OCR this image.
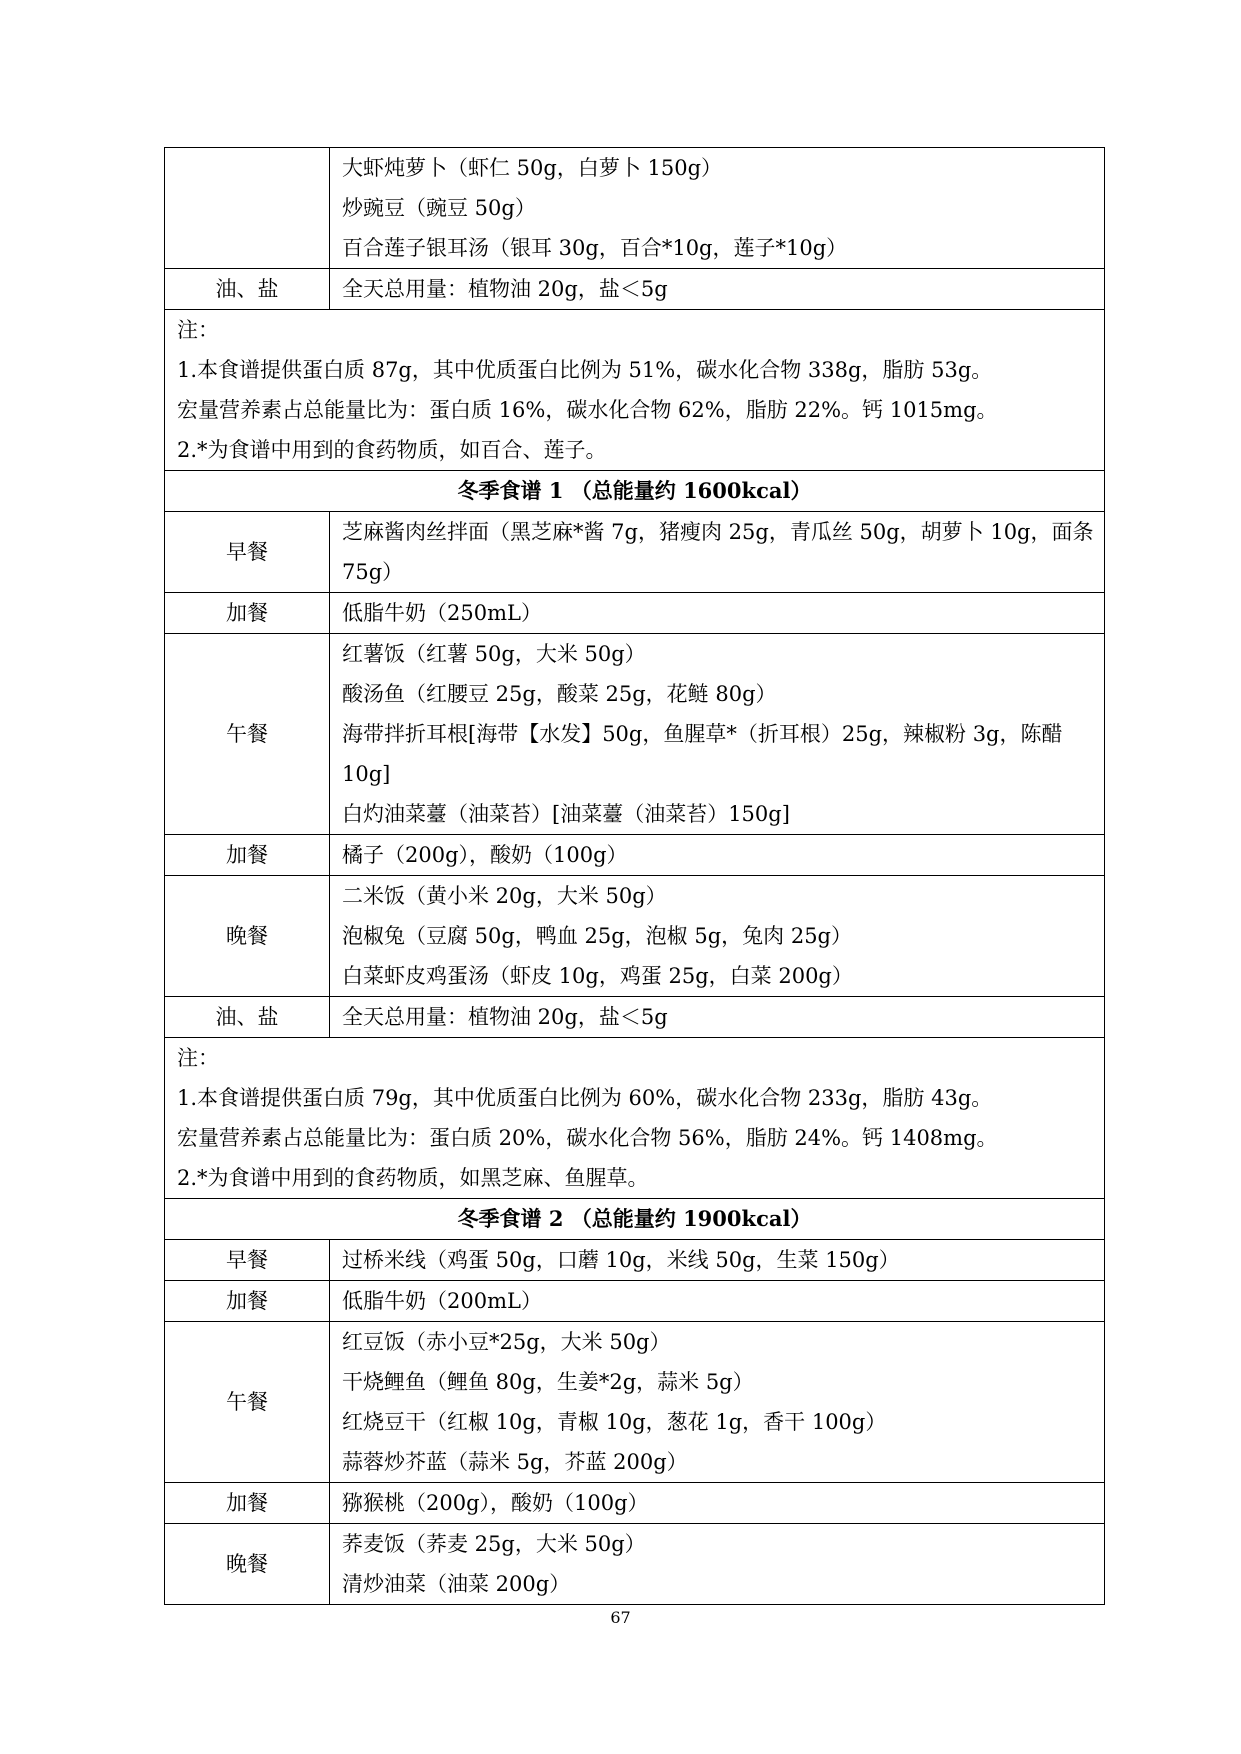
	大虾炖萝卜（虾仁 50g，白萝卜 150g）
炒豌豆（豌豆 50g）
百合莲子银耳汤（银耳 30g，百合*10g，莲子*10g）

油、盐	全天总用量：植物油 20g，盐＜5g

注：
1.本食谱提供蛋白质 87g，其中优质蛋白比例为 51%，碳水化合物 338g，脂肪 53g。
宏量营养素占总能量比为：蛋白质 16%，碳水化合物 62%，脂肪 22%。钙 1015mg。
2.*为食谱中用到的食药物质，如百合、莲子。	

冬季食谱 1 （总能量约 1600kcal）	
早餐	芝麻酱肉丝拌面（黑芝麻*酱 7g，猪瘦肉 25g，青瓜丝 50g，胡萝卜 10g，面条 75g）

加餐	低脂牛奶（250mL）

午餐	红薯饭（红薯 50g，大米 50g）
酸汤鱼（红腰豆 25g，酸菜 25g，花鲢 80g）
海带拌折耳根[海带【水发】50g，鱼腥草*（折耳根）25g，辣椒粉 3g，陈醋 10g]
白灼油菜薹（油菜苔）[油菜薹（油菜苔）150g]

加餐	橘子（200g），酸奶（100g）

晚餐	二米饭（黄小米 20g，大米 50g）
泡椒兔（豆腐 50g，鸭血 25g，泡椒 5g，兔肉 25g）
白菜虾皮鸡蛋汤（虾皮 10g，鸡蛋 25g，白菜 200g）

油、盐	全天总用量：植物油 20g，盐＜5g

注：
1.本食谱提供蛋白质 79g，其中优质蛋白比例为 60%，碳水化合物 233g，脂肪 43g。
宏量营养素占总能量比为：蛋白质 20%，碳水化合物 56%，脂肪 24%。钙 1408mg。
2.*为食谱中用到的食药物质，如黑芝麻、鱼腥草。	

冬季食谱 2 （总能量约 1900kcal）	
早餐	过桥米线（鸡蛋 50g，口蘑 10g，米线 50g，生菜 150g）

加餐	低脂牛奶（200mL）

午餐	红豆饭（赤小豆*25g，大米 50g）
干烧鲤鱼（鲤鱼 80g，生姜*2g，蒜米 5g）
红烧豆干（红椒 10g，青椒 10g，葱花 1g，香干 100g）
蒜蓉炒芥蓝（蒜米 5g，芥蓝 200g）

加餐	猕猴桃（200g），酸奶（100g）

晚餐	荞麦饭（荞麦 25g，大米 50g）
清炒油菜（油菜 200g）
67
